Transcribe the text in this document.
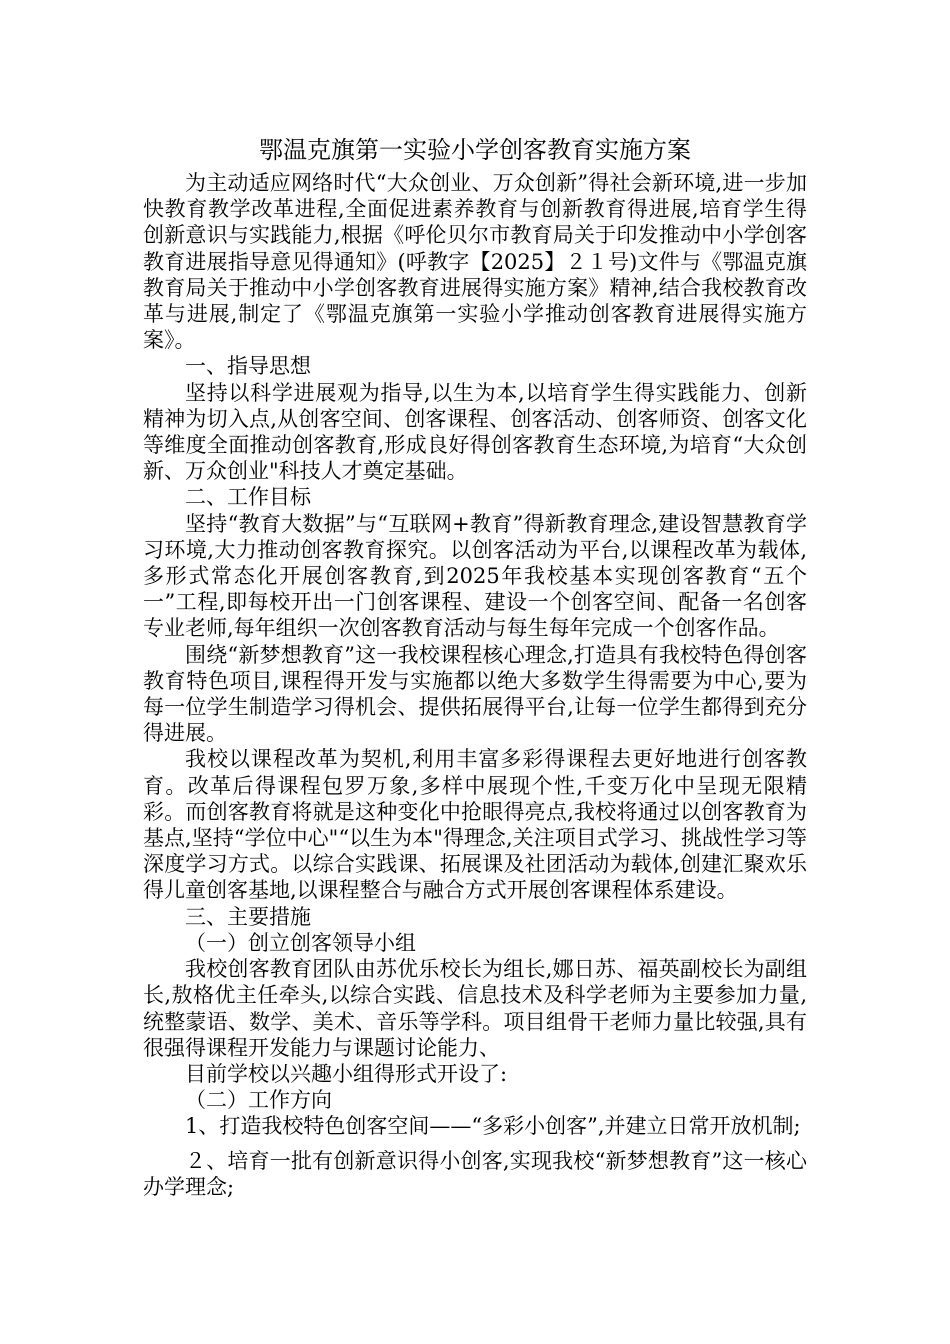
鄂温克旗第一实验小学创客教育实施方案

为主动适应网络时代“大众创业、万众创新”得社会新环境,进一步加快教育教学改革进程,全面促进素养教育与创新教育得进展,培育学生得创新意识与实践能力,根据《呼伦贝尔市教育局关于印发推动中小学创客教育进展指导意见得通知》(呼教字【2025】２１号)文件与《鄂温克旗教育局关于推动中小学创客教育进展得实施方案》精神,结合我校教育改革与进展,制定了《鄂温克旗第一实验小学推动创客教育进展得实施方案》。

一、指导思想

坚持以科学进展观为指导,以生为本,以培育学生得实践能力、创新精神为切入点,从创客空间、创客课程、创客活动、创客师资、创客文化等维度全面推动创客教育,形成良好得创客教育生态环境,为培育“大众创新、万众创业"科技人才奠定基础。

二、工作目标

坚持“教育大数据”与“互联网+教育”得新教育理念,建设智慧教育学习环境,大力推动创客教育探究。以创客活动为平台,以课程改革为载体,多形式常态化开展创客教育,到2025年我校基本实现创客教育“五个一”工程,即每校开出一门创客课程、建设一个创客空间、配备一名创客专业老师,每年组织一次创客教育活动与每生每年完成一个创客作品。

围绕“新梦想教育”这一我校课程核心理念,打造具有我校特色得创客教育特色项目,课程得开发与实施都以绝大多数学生得需要为中心,要为每一位学生制造学习得机会、提供拓展得平台,让每一位学生都得到充分得进展。

我校以课程改革为契机,利用丰富多彩得课程去更好地进行创客教育。改革后得课程包罗万象,多样中展现个性,千变万化中呈现无限精彩。而创客教育将就是这种变化中抢眼得亮点,我校将通过以创客教育为基点,坚持“学位中心"“以生为本"得理念,关注项目式学习、挑战性学习等深度学习方式。以综合实践课、拓展课及社团活动为载体,创建汇聚欢乐得儿童创客基地,以课程整合与融合方式开展创客课程体系建设。

三、主要措施

（一）创立创客领导小组

我校创客教育团队由苏优乐校长为组长,娜日苏、福英副校长为副组长,敖格优主任牵头,以综合实践、信息技术及科学老师为主要参加力量,统整蒙语、数学、美术、音乐等学科。项目组骨干老师力量比较强,具有很强得课程开发能力与课题讨论能力、

目前学校以兴趣小组得形式开设了:

（二）工作方向

1、打造我校特色创客空间——“多彩小创客”,并建立日常开放机制;

２、培育一批有创新意识得小创客,实现我校“新梦想教育”这一核心办学理念;
